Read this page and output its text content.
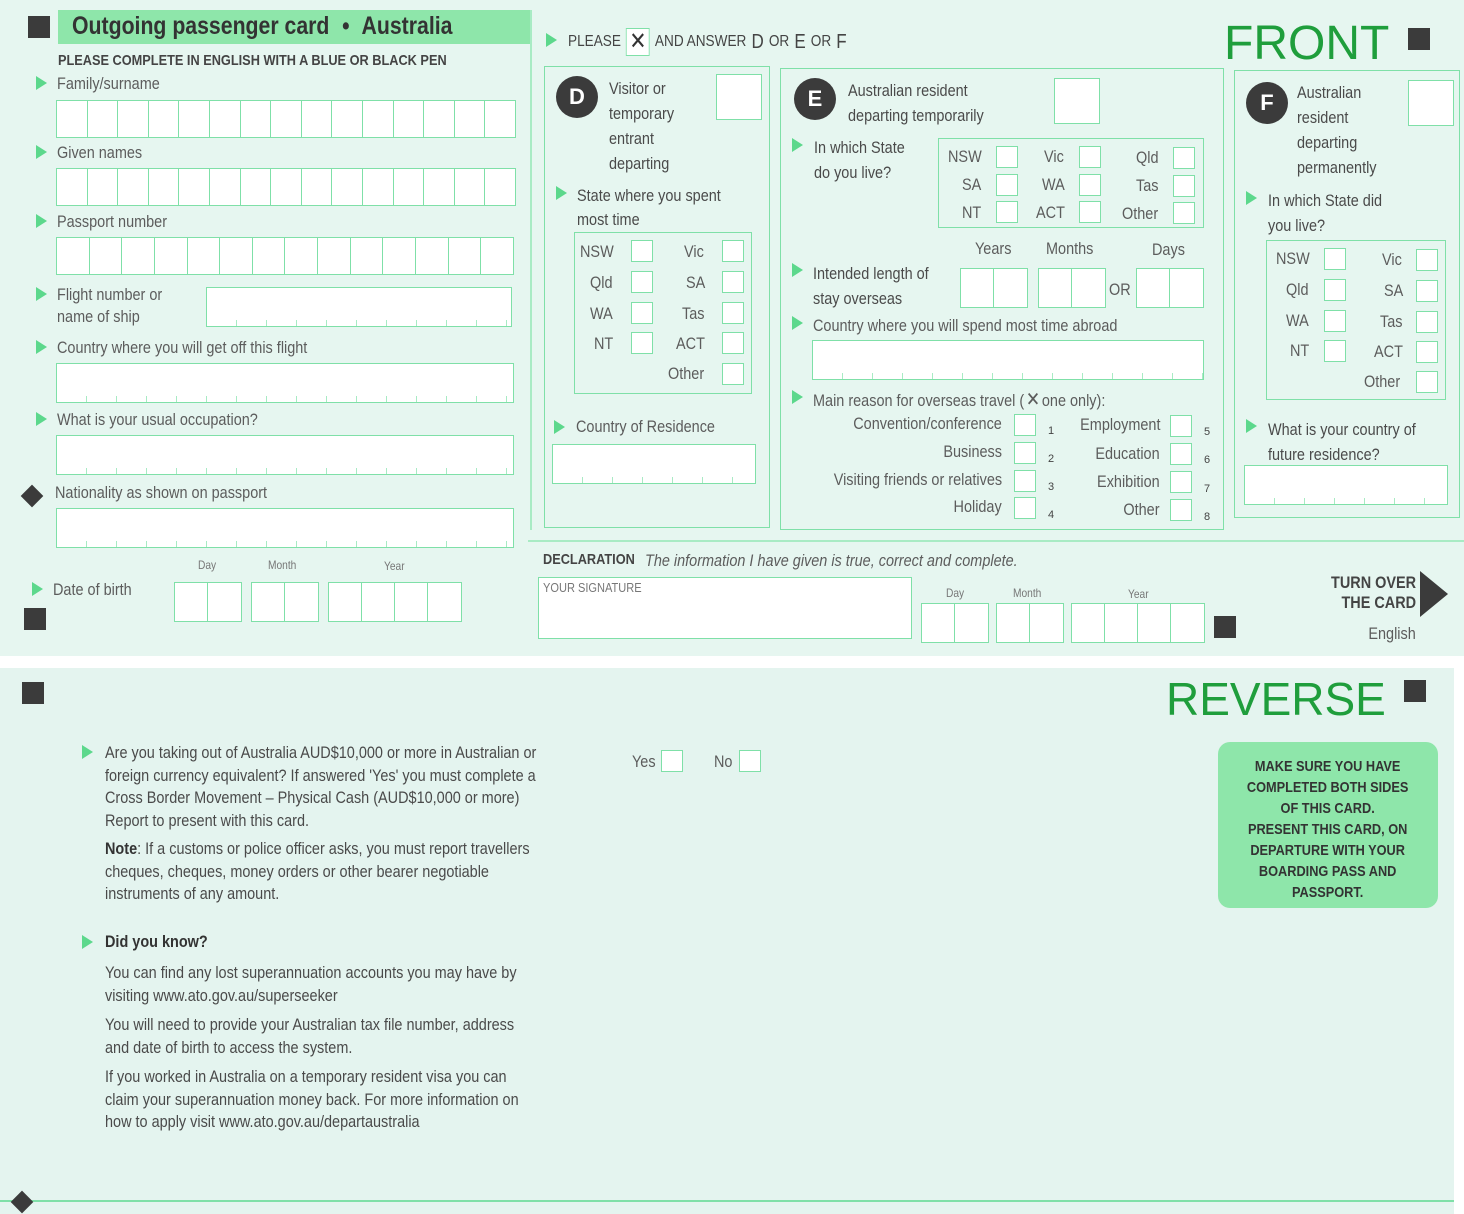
Outgoing passenger card • Australia
PLEASE COMPLETE IN ENGLISH WITH A BLUE OR BLACK PEN
Family/surname
Given names
Passport number
Flight number or
name of ship
Country where you will get off this flight
What is your usual occupation?
Nationality as shown on passport
Day	Month	Year
Date of birth
PLEASE ✕ AND ANSWER D OR E OR F	FRONT
D	Visitor or
temporary
entrant
departing
State where you spent
most time
NSW	Vic
Qld	SA
WA	Tas
NT	ACT
Other
Country of Residence
E	Australian resident
departing temporarily
In which State
do you live?
NSW	Vic	Qld
SA	WA	Tas
NT	ACT	Other
Years Months	Days
Intended length of
stay overseas	OR
Country where you will spend most time abroad
Main reason for overseas travel (✕one only):
Convention/conference	1
Business	2
Visiting friends or relatives	3
Holiday	4
Employment	5
Education	6
Exhibition	7
Other	8
F	Australian
resident
departing
permanently
In which State did
you live?
NSW	Vic
Qld	SA
WA	Tas
NT	ACT
Other
What is your country of
future residence?
DECLARATION The information I have given is true, correct and complete.
YOUR SIGNATURE	Day	Month	Year
TURN OVER
THE CARD
English
REVERSE
Are you taking out of Australia AUD$10,000 or more in Australian or
foreign currency equivalent? If answered 'Yes' you must complete a
Cross Border Movement – Physical Cash (AUD$10,000 or more)
Report to present with this card.
Yes	No
Note: If a customs or police officer asks, you must report travellers
cheques, cheques, money orders or other bearer negotiable
instruments of any amount.
Did you know?
You can find any lost superannuation accounts you may have by
visiting www.ato.gov.au/superseeker
You will need to provide your Australian tax file number, address
and date of birth to access the system.
If you worked in Australia on a temporary resident visa you can
claim your superannuation money back. For more information on
how to apply visit www.ato.gov.au/departaustralia
MAKE SURE YOU HAVE
COMPLETED BOTH SIDES
OF THIS CARD.
PRESENT THIS CARD, ON
DEPARTURE WITH YOUR
BOARDING PASS AND
PASSPORT.
